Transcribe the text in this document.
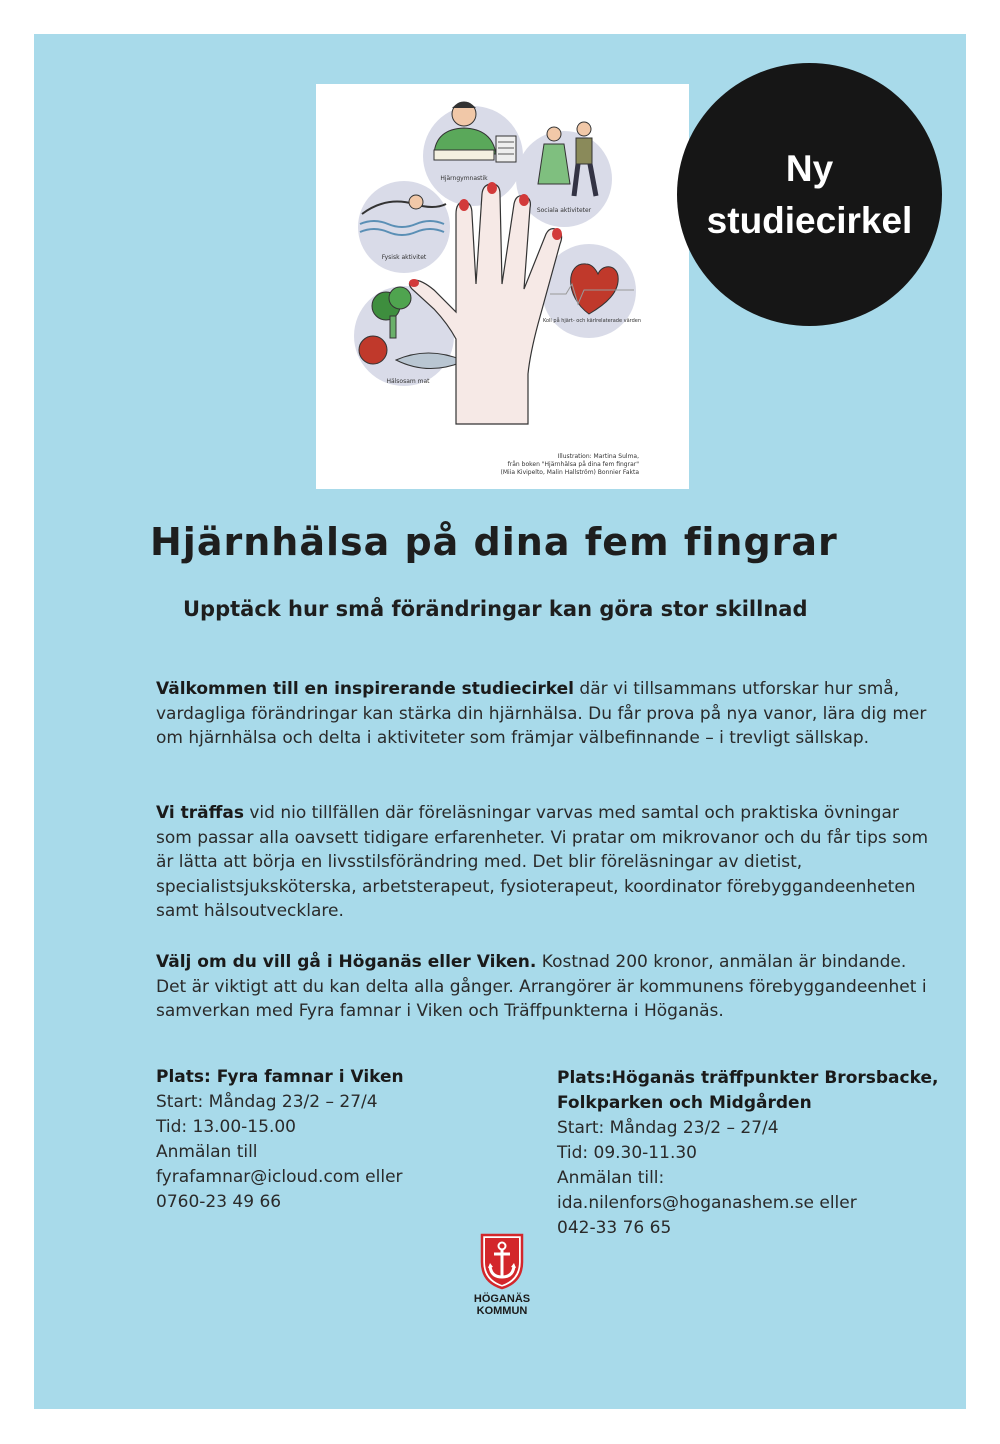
Hjärngymnastik
Sociala aktiviteter
Fysisk aktivitet
Koll på hjärt- och kärlrelaterade värden
Hälsosam mat
Illustration: Martina Sulma,
från boken "Hjärnhälsa på dina fem fingrar"
(Miia Kivipelto, Malin Hallström) Bonnier Fakta
Ny
studiecirkel
Hjärnhälsa på dina fem fingrar
Upptäck hur små förändringar kan göra stor skillnad
Välkommen till en inspirerande studiecirkel där vi tillsammans utforskar hur små, vardagliga förändringar kan stärka din hjärnhälsa. Du får prova på nya vanor, lära dig mer om hjärnhälsa och delta i aktiviteter som främjar välbefinnande – i trevligt sällskap.
Vi träffas vid nio tillfällen där föreläsningar varvas med samtal och praktiska övningar som passar alla oavsett tidigare erfarenheter. Vi pratar om mikrovanor och du får tips som är lätta att börja en livsstilsförändring med. Det blir föreläsningar av dietist, specialistsjuksköterska, arbetsterapeut, fysioterapeut, koordinator förebyggandeenheten samt hälsoutvecklare.
Välj om du vill gå i Höganäs eller Viken. Kostnad 200 kronor, anmälan är bindande. Det är viktigt att du kan delta alla gånger. Arrangörer är kommunens förebyggandeenhet i samverkan med Fyra famnar i Viken och Träffpunkterna i Höganäs.
Plats: Fyra famnar i Viken
Start: Måndag 23/2 – 27/4
Tid: 13.00-15.00
Anmälan till
fyrafamnar@icloud.com eller
0760-23 49 66
Plats:Höganäs träffpunkter Brorsbacke,
Folkparken och Midgården
Start: Måndag 23/2 – 27/4
Tid: 09.30-11.30
Anmälan till:
ida.nilenfors@hoganashem.se eller
042-33 76 65
HÖGANÄS
KOMMUN
